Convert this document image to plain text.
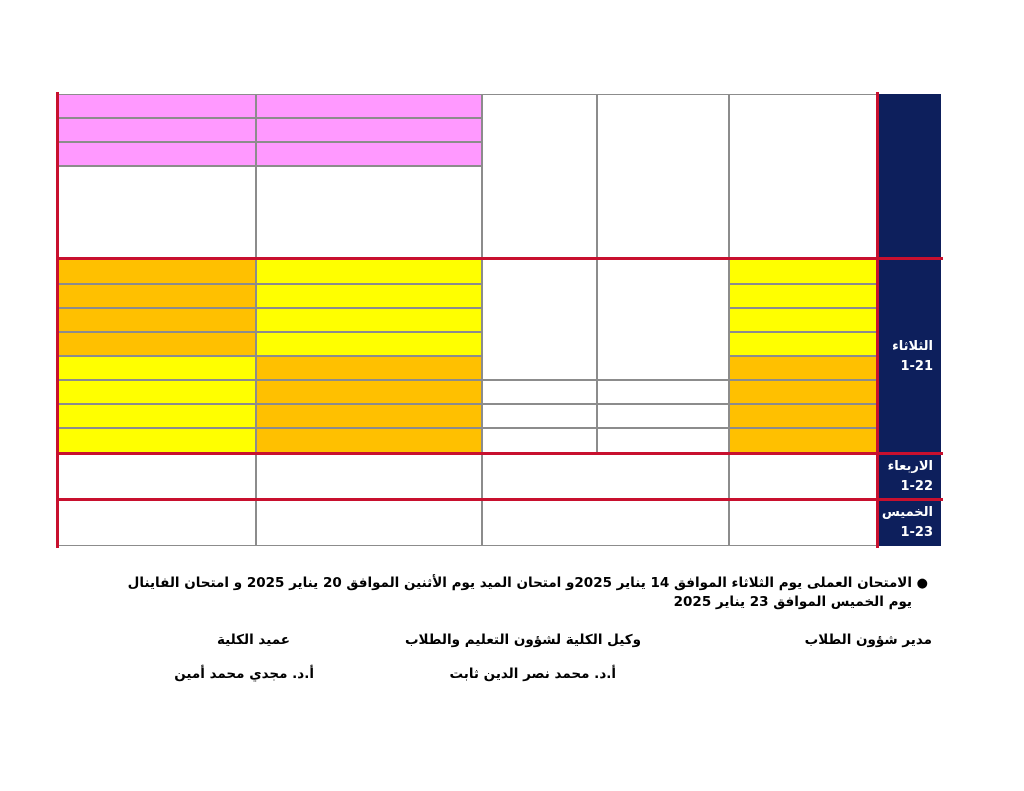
الثلاثاء
1-21
الاربعاء
1-22
الخميس
1-23
●
الامتحان العملى يوم الثلاثاء الموافق 14 يناير 2025و امتحان الميد يوم الأثنين الموافق 20 يناير 2025 و امتحان الفاينال يوم الخميس الموافق 23 يناير 2025
مدير شؤون الطلاب
وكيل الكلية لشؤون التعليم والطلاب
أ.د. محمد نصر الدين ثابت
عميد الكلية
أ.د. مجدي محمد أمين
